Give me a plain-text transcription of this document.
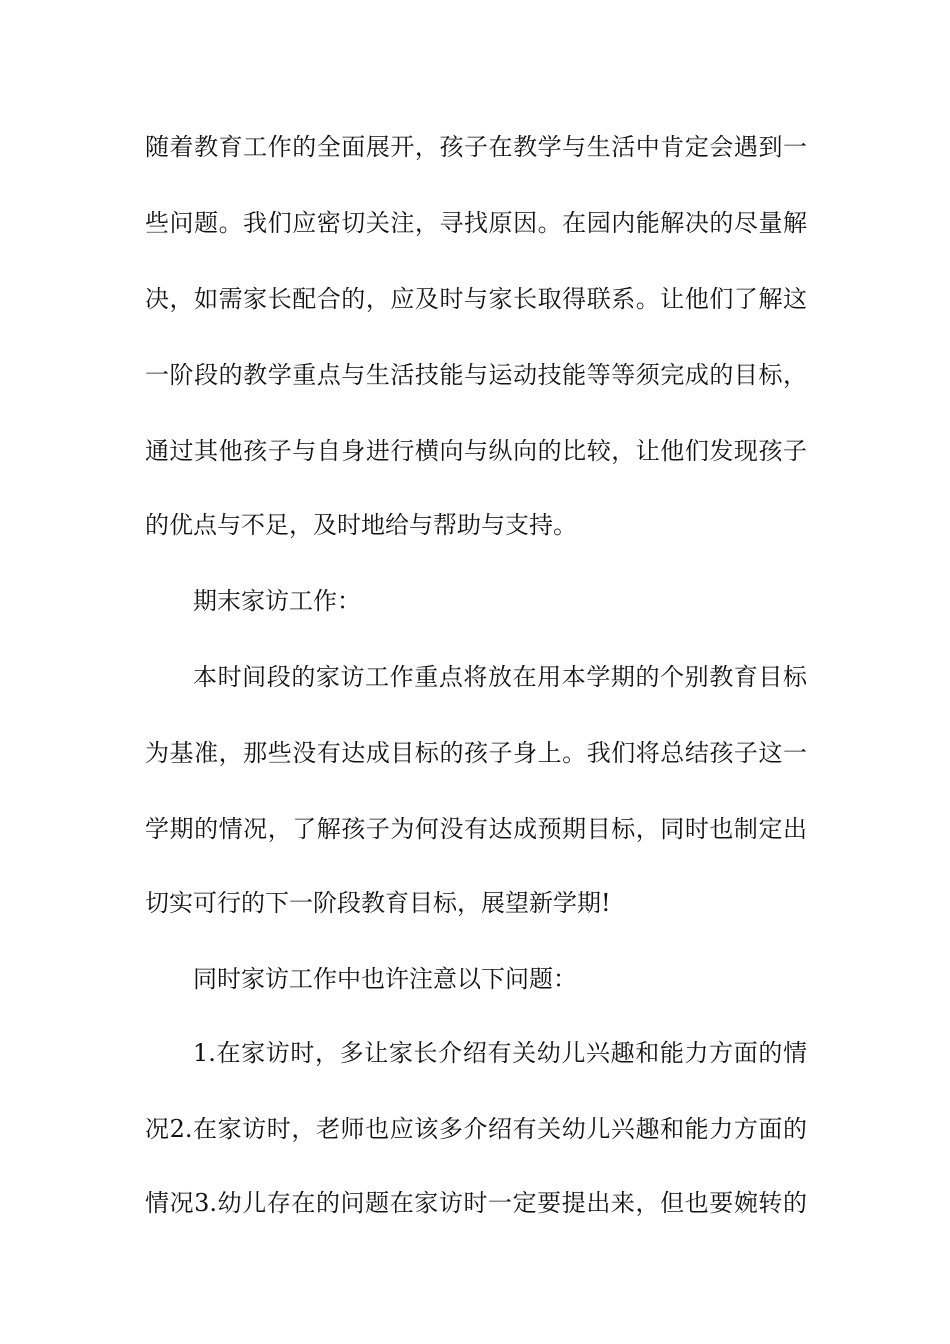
随着教育工作的全面展开，孩子在教学与生活中肯定会遇到一
些问题。我们应密切关注，寻找原因。在园内能解决的尽量解
决，如需家长配合的，应及时与家长取得联系。让他们了解这
一阶段的教学重点与生活技能与运动技能等等须完成的目标，
通过其他孩子与自身进行横向与纵向的比较，让他们发现孩子
的优点与不足，及时地给与帮助与支持。
期末家访工作：
本时间段的家访工作重点将放在用本学期的个别教育目标
为基准，那些没有达成目标的孩子身上。我们将总结孩子这一
学期的情况，了解孩子为何没有达成预期目标，同时也制定出
切实可行的下一阶段教育目标，展望新学期!
同时家访工作中也许注意以下问题：
1.在家访时，多让家长介绍有关幼儿兴趣和能力方面的情
况2.在家访时，老师也应该多介绍有关幼儿兴趣和能力方面的
情况3.幼儿存在的问题在家访时一定要提出来，但也要婉转的
